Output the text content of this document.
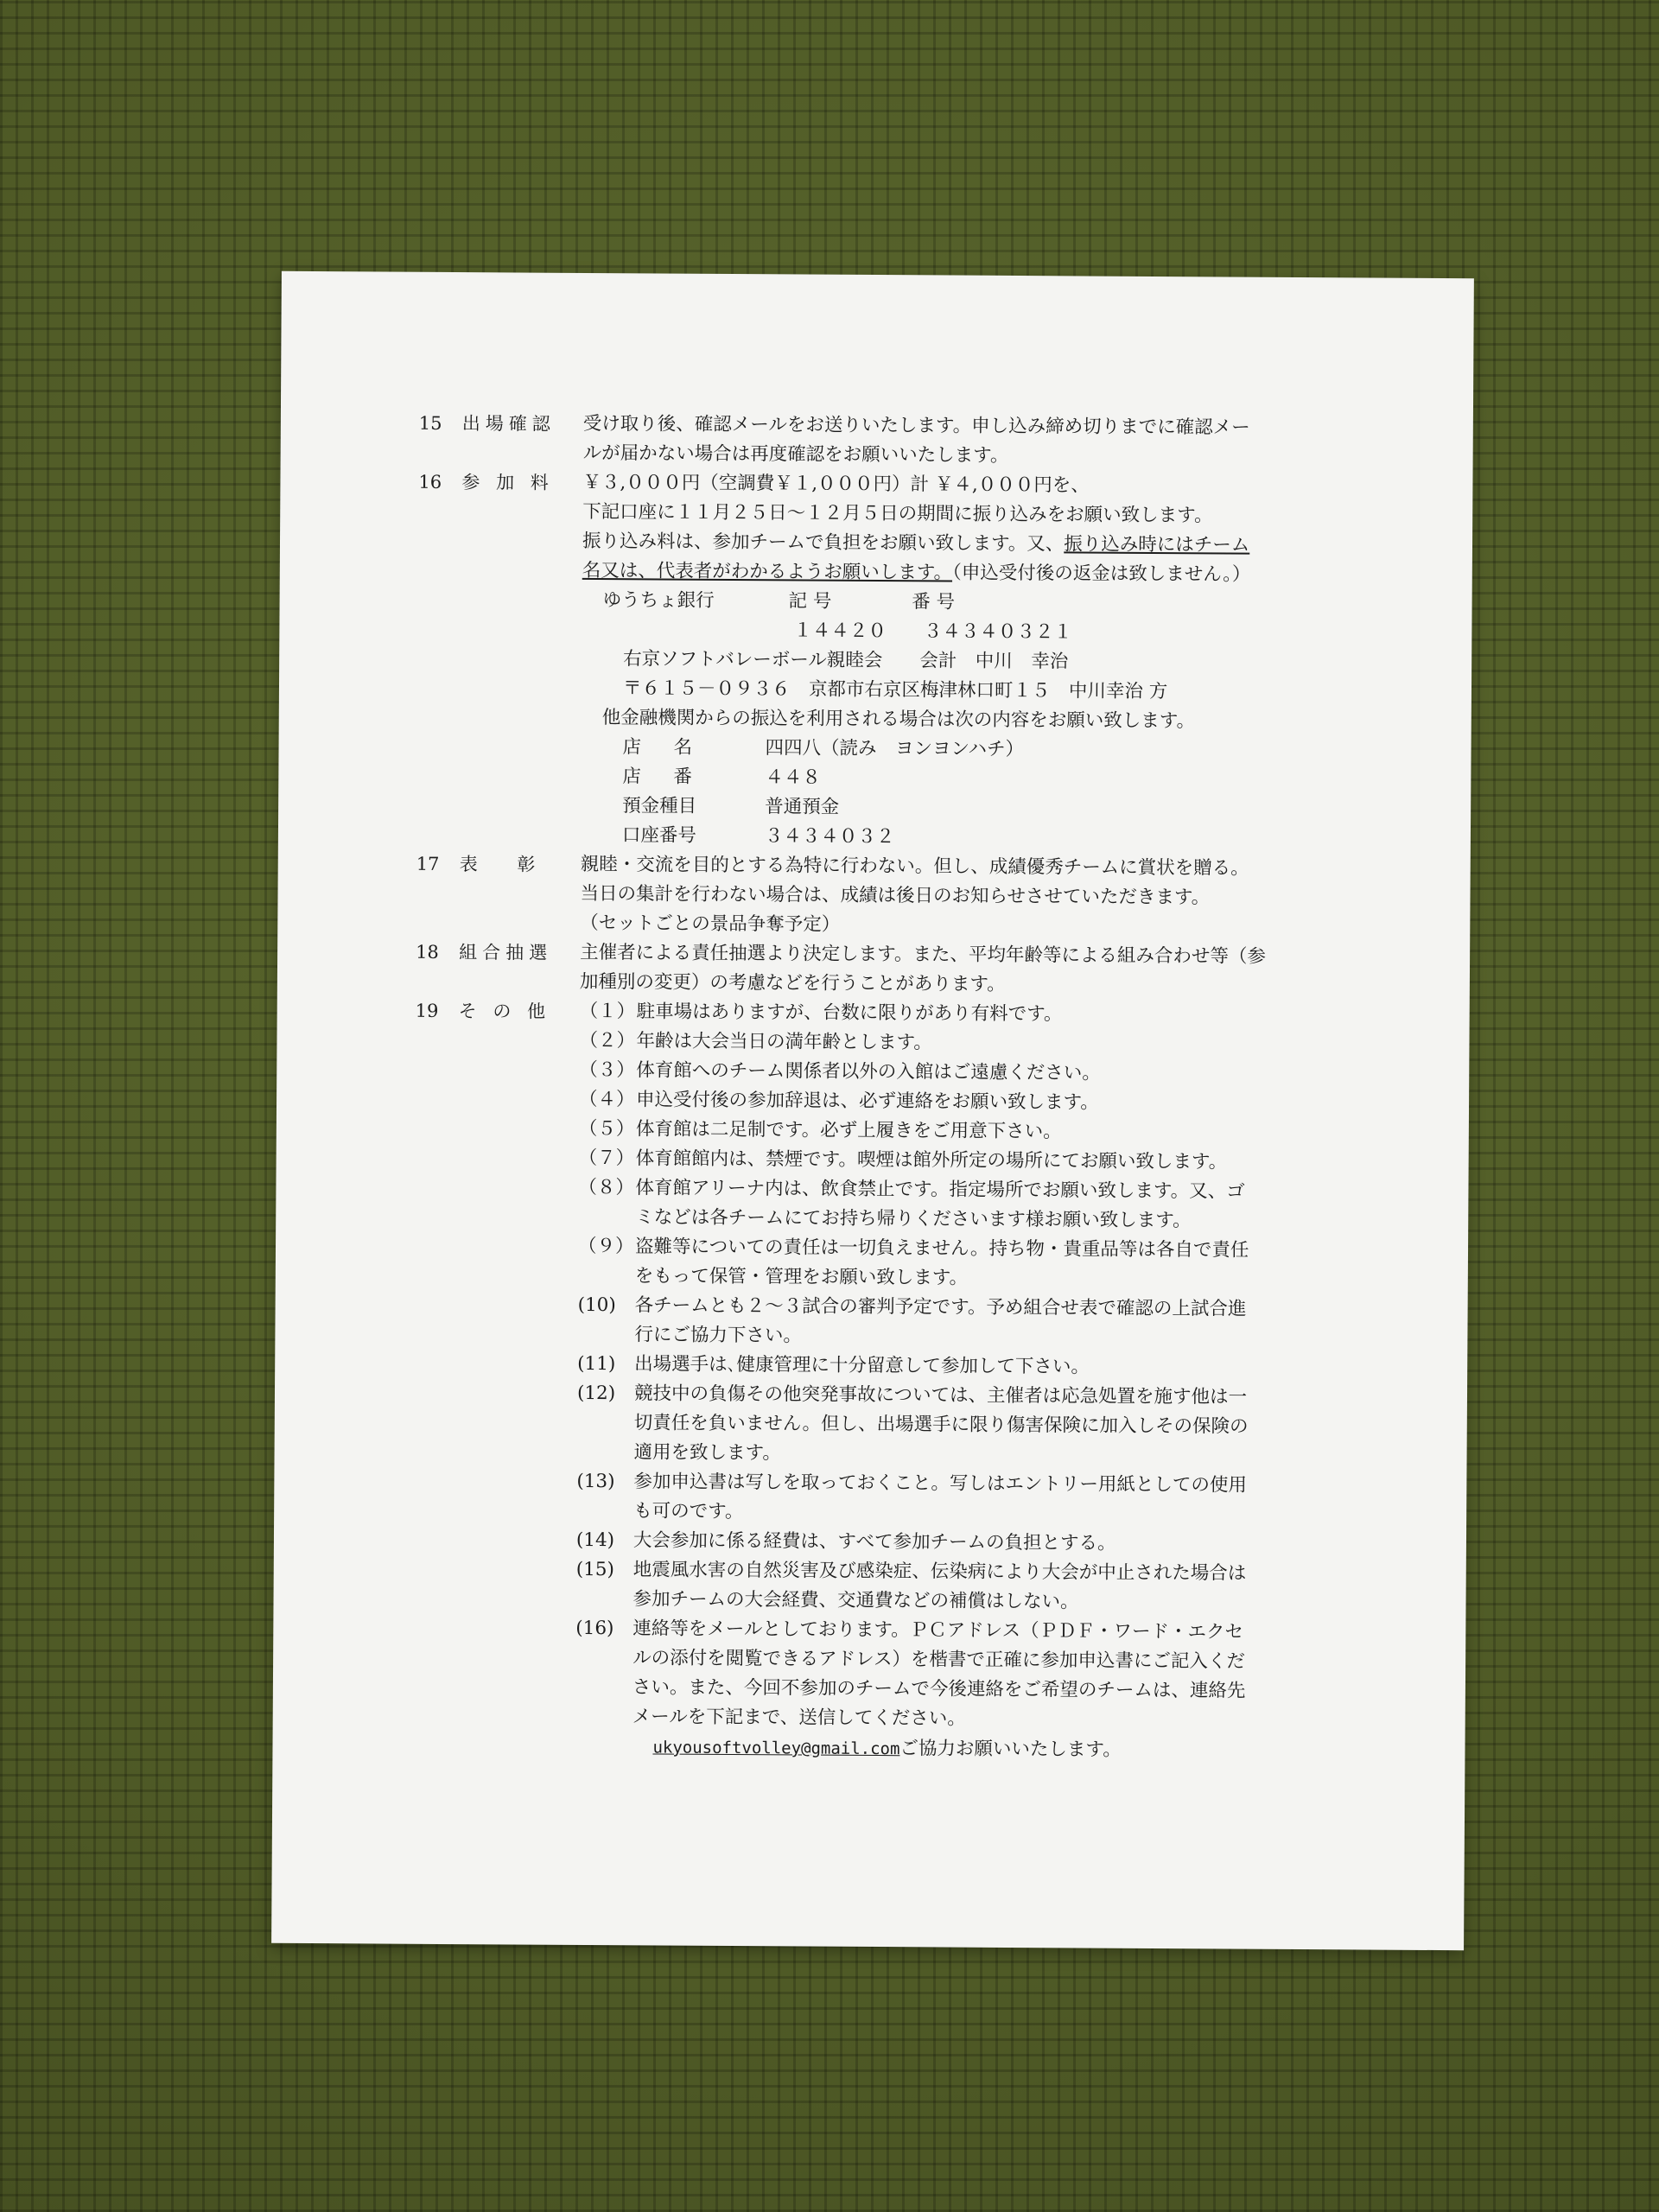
15	出場確認	受け取り後、確認メールをお送りいたします。申し込み締め切りまでに確認メー
ルが届かない場合は再度確認をお願いいたします。
16	参 加 料	￥３,０００円（空調費￥１,０００円）計 ￥４,０００円を、
下記口座に１１月２５日～１２月５日の期間に振り込みをお願い致します。
振り込み料は、参加チームで負担をお願い致します。又、振り込み時にはチーム
名又は、代表者がわかるようお願いします。（申込受付後の返金は致しません。）
ゆうちょ銀行　　　　記 号　　　　 番 号
１４４２０　　３４３４０３２１
右京ソフトバレーボール親睦会　　会計　中川　幸治
〒６１５－０９３６　京都市右京区梅津林口町１５　中川幸治 方
他金融機関からの振込を利用される場合は次の内容をお願い致します。
店　名	四四八（読み　ヨンヨンハチ）
店　番	４４８
預金種目	普通預金
口座番号	３４３４０３２
17	表　 彰	親睦・交流を目的とする為特に行わない。但し、成績優秀チームに賞状を贈る。
当日の集計を行わない場合は、成績は後日のお知らせさせていただきます。
（セットごとの景品争奪予定）
18	組合抽選	主催者による責任抽選より決定します。また、平均年齢等による組み合わせ等（参
加種別の変更）の考慮などを行うことがあります。
19	そ の 他	（１） 駐車場はありますが、台数に限りがあり有料です。
（２） 年齢は大会当日の満年齢とします。
（３） 体育館へのチーム関係者以外の入館はご遠慮ください。
（４） 申込受付後の参加辞退は、必ず連絡をお願い致します。
（５） 体育館は二足制です。必ず上履きをご用意下さい。
（７） 体育館館内は、禁煙です。喫煙は館外所定の場所にてお願い致します。
（８） 体育館アリーナ内は、飲食禁止です。指定場所でお願い致します。又、ゴ
ミなどは各チームにてお持ち帰りくださいます様お願い致します。
（９） 盗難等についての責任は一切負えません。持ち物・貴重品等は各自で責任
をもって保管・管理をお願い致します。
(10)	各チームとも２～３試合の審判予定です。予め組合せ表で確認の上試合進
行にご協力下さい。
(11)	出場選手は､健康管理に十分留意して参加して下さい。
(12)	競技中の負傷その他突発事故については、主催者は応急処置を施す他は一
切責任を負いません。但し、出場選手に限り傷害保険に加入しその保険の
適用を致します。
(13)	参加申込書は写しを取っておくこと。写しはエントリー用紙としての使用
も可のです。
(14)	大会参加に係る経費は、すべて参加チームの負担とする。
(15)	地震風水害の自然災害及び感染症、伝染病により大会が中止された場合は
参加チームの大会経費、交通費などの補償はしない。
(16)	連絡等をメールとしております。ＰＣアドレス（ＰＤＦ・ワード・エクセ
ルの添付を閲覧できるアドレス）を楷書で正確に参加申込書にご記入くだ
さい。また、今回不参加のチームで今後連絡をご希望のチームは、連絡先
メールを下記まで、送信してください。
ukyousoftvolley@gmail.comご協力お願いいたします。
